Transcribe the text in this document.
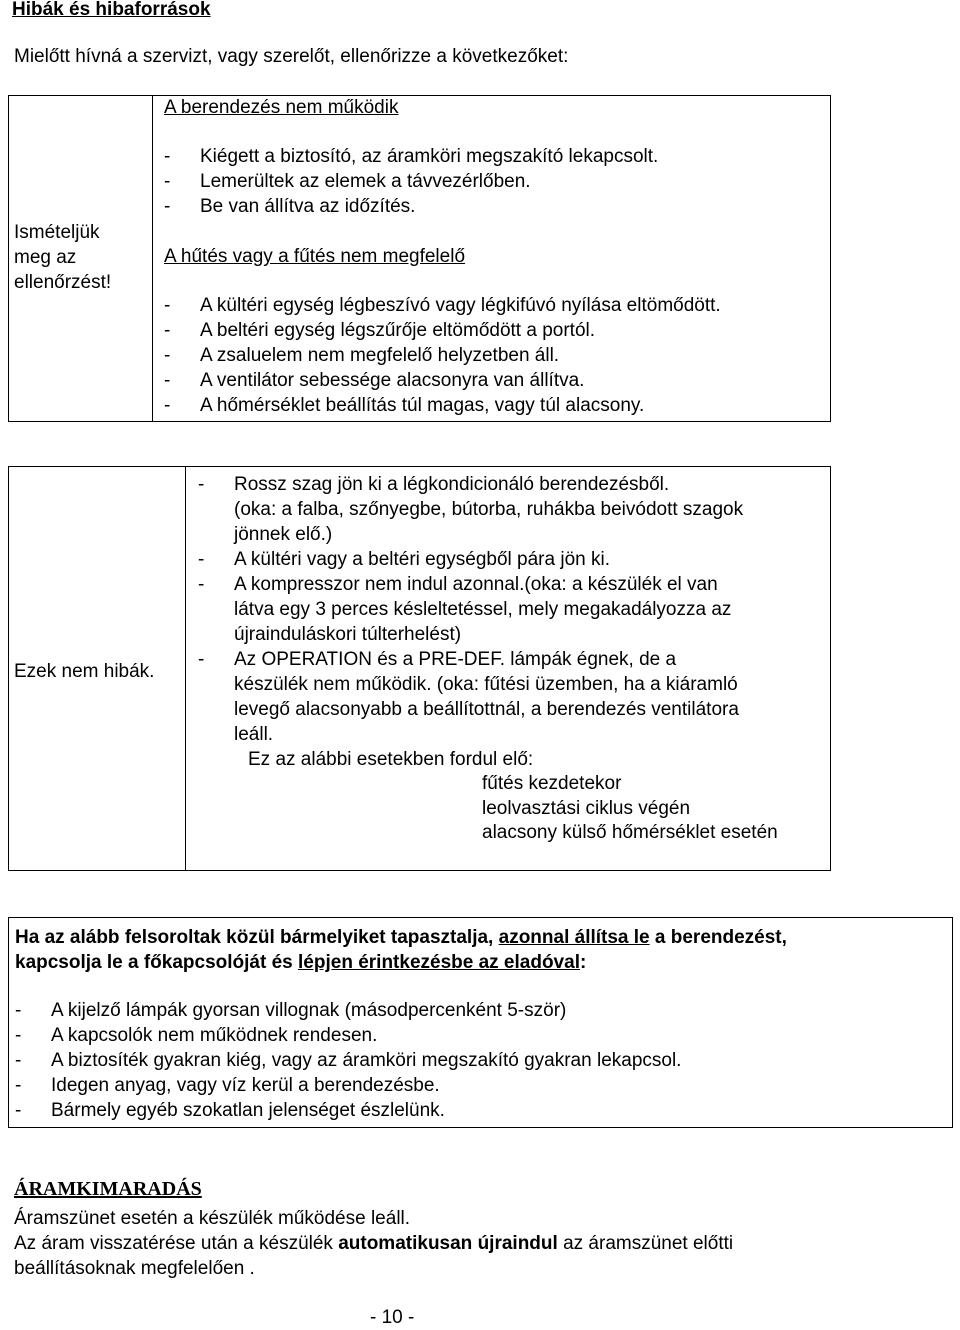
Hibák és hibaforrások
Mielőtt hívná a szervizt, vagy szerelőt, ellenőrizze a következőket:
Ismételjük
meg az
ellenőrzést!
A berendezés nem működik
- Kiégett a biztosító, az áramköri megszakító lekapcsolt.
- Lemerültek az elemek a távvezérlőben.
- Be van állítva az időzítés.
A hűtés vagy a fűtés nem megfelelő
- A kültéri egység légbeszívó vagy légkifúvó nyílása eltömődött.
- A beltéri egység légszűrője eltömődött a portól.
- A zsaluelem nem megfelelő helyzetben áll.
- A ventilátor sebessége alacsonyra van állítva.
- A hőmérséklet beállítás túl magas, vagy túl alacsony.
Ezek nem hibák.
- Rossz szag jön ki a légkondicionáló berendezésből.
(oka: a falba, szőnyegbe, bútorba, ruhákba beivódott szagok
jönnek elő.)
- A kültéri vagy a beltéri egységből pára jön ki.
- A kompresszor nem indul azonnal.(oka: a készülék el van
látva egy 3 perces késleltetéssel, mely megakadályozza az
újrainduláskori túlterhelést)
- Az OPERATION és a PRE-DEF. lámpák égnek, de a
készülék nem működik. (oka: fűtési üzemben, ha a kiáramló
levegő alacsonyabb a beállítottnál, a berendezés ventilátora
leáll.
Ez az alábbi esetekben fordul elő:
fűtés kezdetekor
leolvasztási ciklus végén
alacsony külső hőmérséklet esetén
Ha az alább felsoroltak közül bármelyiket tapasztalja, azonnal állítsa le a berendezést,
kapcsolja le a főkapcsolóját és lépjen érintkezésbe az eladóval:
- A kijelző lámpák gyorsan villognak (másodpercenként 5-ször)
- A kapcsolók nem működnek rendesen.
- A biztosíték gyakran kiég, vagy az áramköri megszakító gyakran lekapcsol.
- Idegen anyag, vagy víz kerül a berendezésbe.
- Bármely egyéb szokatlan jelenséget észlelünk.
ÁRAMKIMARADÁS
Áramszünet esetén a készülék működése leáll.
Az áram visszatérése után a készülék automatikusan újraindul az áramszünet előtti
beállításoknak megfelelően .
- 10 -
